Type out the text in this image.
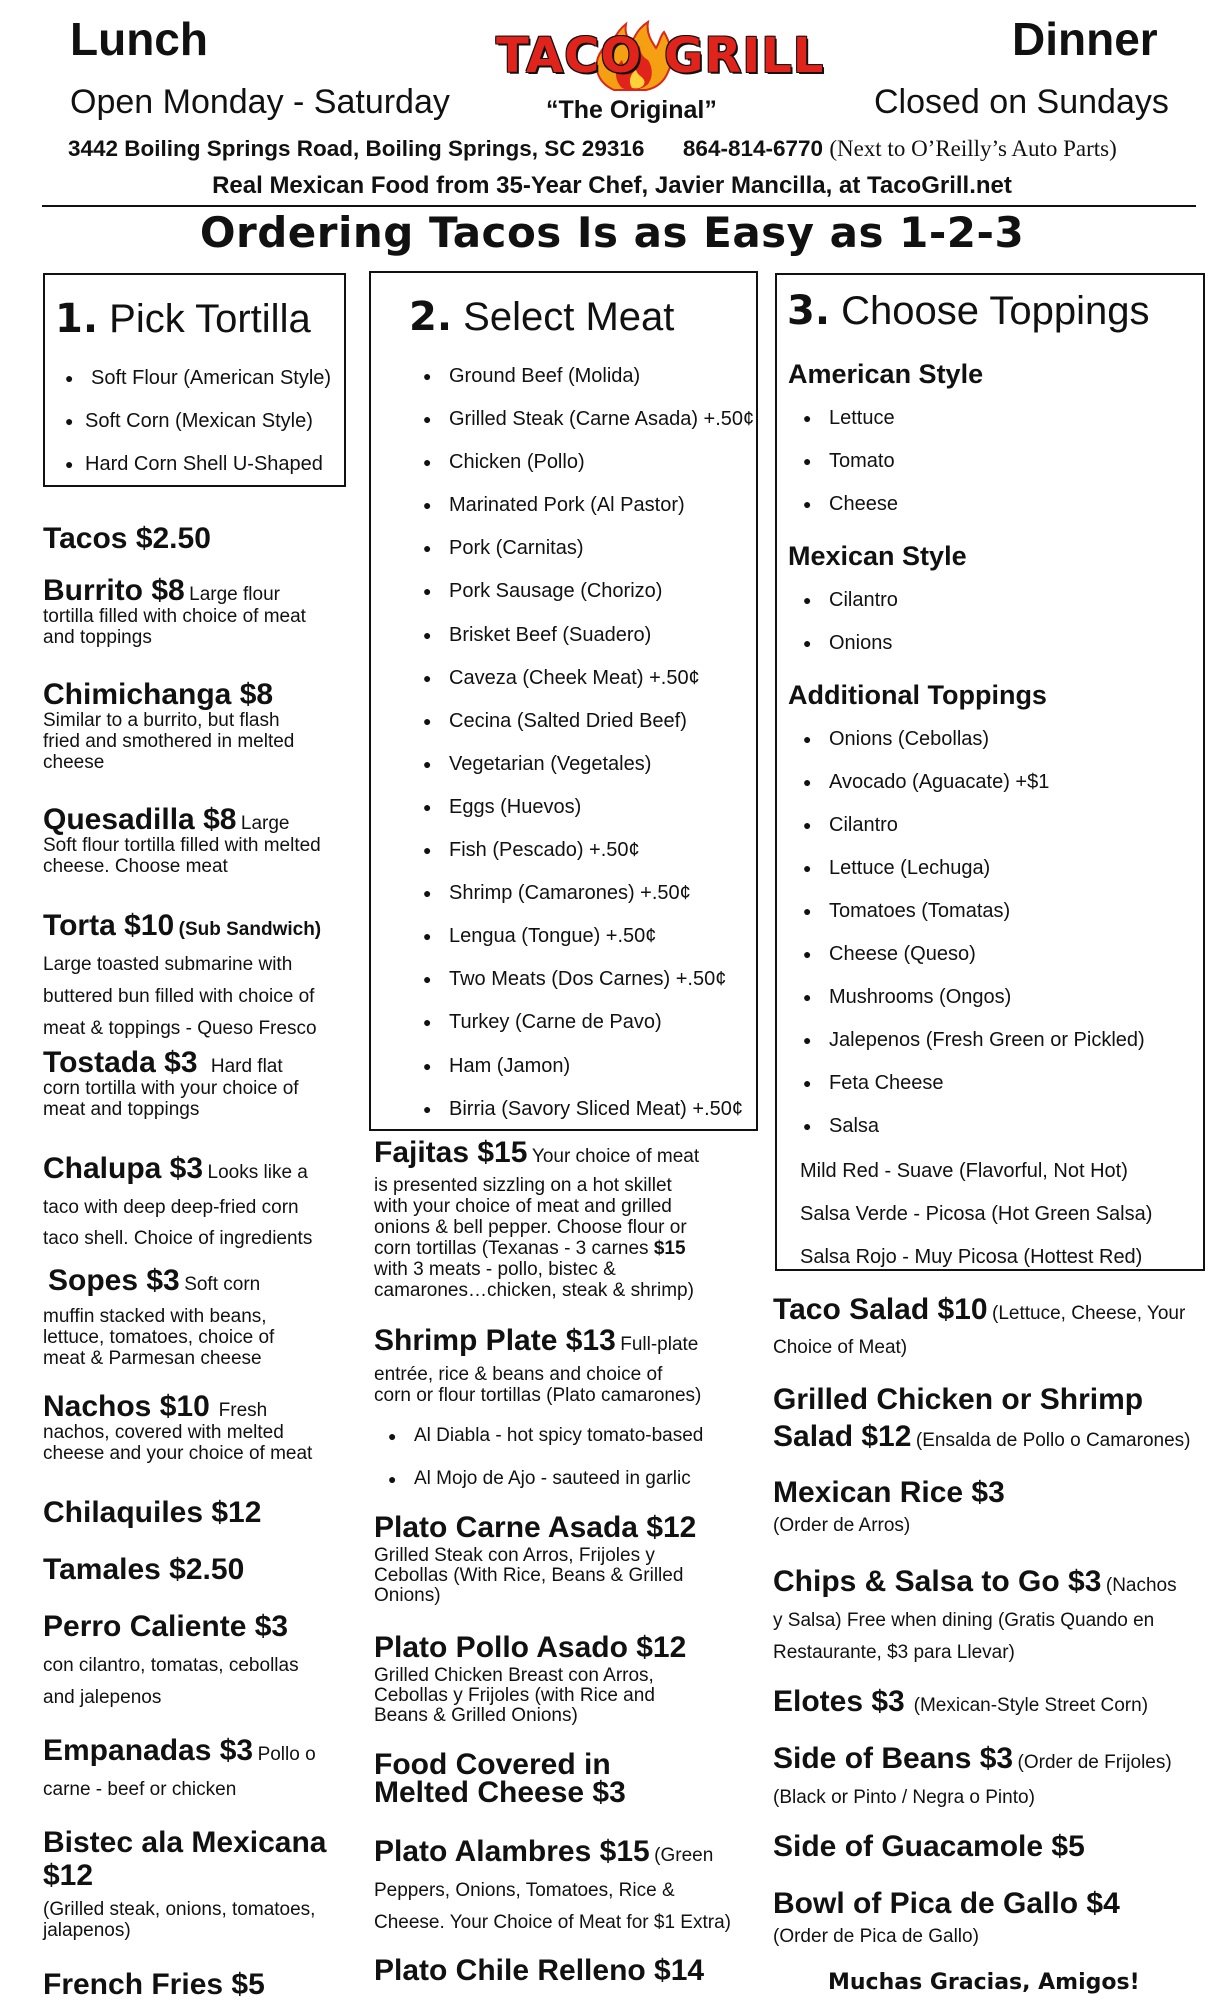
Lunch	Dinner
Open Monday - Saturday	Closed on Sundays
TACO GRILL
“The Original”
3442 Boiling Springs Road, Boiling Springs, SC 29316 864-814-6770 (Next to O’Reilly’s Auto Parts)
Real Mexican Food from 35-Year Chef, Javier Mancilla, at TacoGrill.net
Ordering Tacos Is as Easy as 1-2-3
1. Pick Tortilla
● Soft Flour (American Style)
● Soft Corn (Mexican Style)
● Hard Corn Shell U-Shaped
2. Select Meat
● Ground Beef (Molida)
● Grilled Steak (Carne Asada) +.50¢
● Chicken (Pollo)
● Marinated Pork (Al Pastor)
● Pork (Carnitas)
● Pork Sausage (Chorizo)
● Brisket Beef (Suadero)
● Caveza (Cheek Meat) +.50¢
● Cecina (Salted Dried Beef)
● Vegetarian (Vegetales)
● Eggs (Huevos)
● Fish (Pescado) +.50¢
● Shrimp (Camarones) +.50¢
● Lengua (Tongue) +.50¢
● Two Meats (Dos Carnes) +.50¢
● Turkey (Carne de Pavo)
● Ham (Jamon)
● Birria (Savory Sliced Meat) +.50¢
3. Choose Toppings
American Style
● Lettuce
● Tomato
● Cheese
Mexican Style
● Cilantro
● Onions
Additional Toppings
● Onions (Cebollas)
● Avocado (Aguacate) +$1
● Cilantro
● Lettuce (Lechuga)
● Tomatoes (Tomatas)
● Cheese (Queso)
● Mushrooms (Ongos)
● Jalepenos (Fresh Green or Pickled)
● Feta Cheese
● Salsa
Mild Red - Suave (Flavorful, Not Hot)
Salsa Verde - Picosa (Hot Green Salsa)
Salsa Rojo - Muy Picosa (Hottest Red)
Tacos $2.50

Burrito $8 Large flour

tortilla filled with choice of meat

and toppings

Chimichanga $8

Similar to a burrito, but flash

fried and smothered in melted

cheese

Quesadilla $8 Large

Soft flour tortilla filled with melted

cheese. Choose meat

Torta $10 (Sub Sandwich)

Large toasted submarine with

buttered bun filled with choice of

meat & toppings - Queso Fresco

Tostada $3 Hard flat

corn tortilla with your choice of

meat and toppings

Chalupa $3 Looks like a

taco with deep deep-fried corn

taco shell. Choice of ingredients

Sopes $3 Soft corn

muffin stacked with beans,

lettuce, tomatoes, choice of

meat & Parmesan cheese

Nachos $10 Fresh

nachos, covered with melted

cheese and your choice of meat

Chilaquiles $12
Tamales $2.50

Perro Caliente $3

con cilantro, tomatas, cebollas

and jalepenos

Empanadas $3 Pollo o

carne - beef or chicken

Bistec ala Mexicana

$12

(Grilled steak, onions, tomatoes,

jalapenos)

French Fries $5

Fajitas $15 Your choice of meat

is presented sizzling on a hot skillet

with your choice of meat and grilled

onions & bell pepper. Choose flour or

corn tortillas (Texanas - 3 carnes $15

with 3 meats - pollo, bistec &

camarones…chicken, steak & shrimp)

Shrimp Plate $13 Full-plate

entrée, rice & beans and choice of

corn or flour tortillas (Plato camarones)

● Al Diabla - hot spicy tomato-based
● Al Mojo de Ajo - sauteed in garlic

Plato Carne Asada $12

Grilled Steak con Arros, Frijoles y

Cebollas (With Rice, Beans & Grilled

Onions)

Plato Pollo Asado $12

Grilled Chicken Breast con Arros,

Cebollas y Frijoles (with Rice and

Beans & Grilled Onions)

Food Covered in

Melted Cheese $3

Plato Alambres $15 (Green

Peppers, Onions, Tomatoes, Rice &

Cheese. Your Choice of Meat for $1 Extra)

Plato Chile Relleno $14

Taco Salad $10 (Lettuce, Cheese, Your

Choice of Meat)

Grilled Chicken or Shrimp

Salad $12 (Ensalda de Pollo o Camarones)

Mexican Rice $3

(Order de Arros)

Chips & Salsa to Go $3 (Nachos

y Salsa) Free when dining (Gratis Quando en

Restaurante, $3 para Llevar)

Elotes $3 (Mexican-Style Street Corn)

Side of Beans $3 (Order de Frijoles)

(Black or Pinto / Negra o Pinto)

Side of Guacamole $5

Bowl of Pica de Gallo $4

(Order de Pica de Gallo)

Muchas Gracias, Amigos!
